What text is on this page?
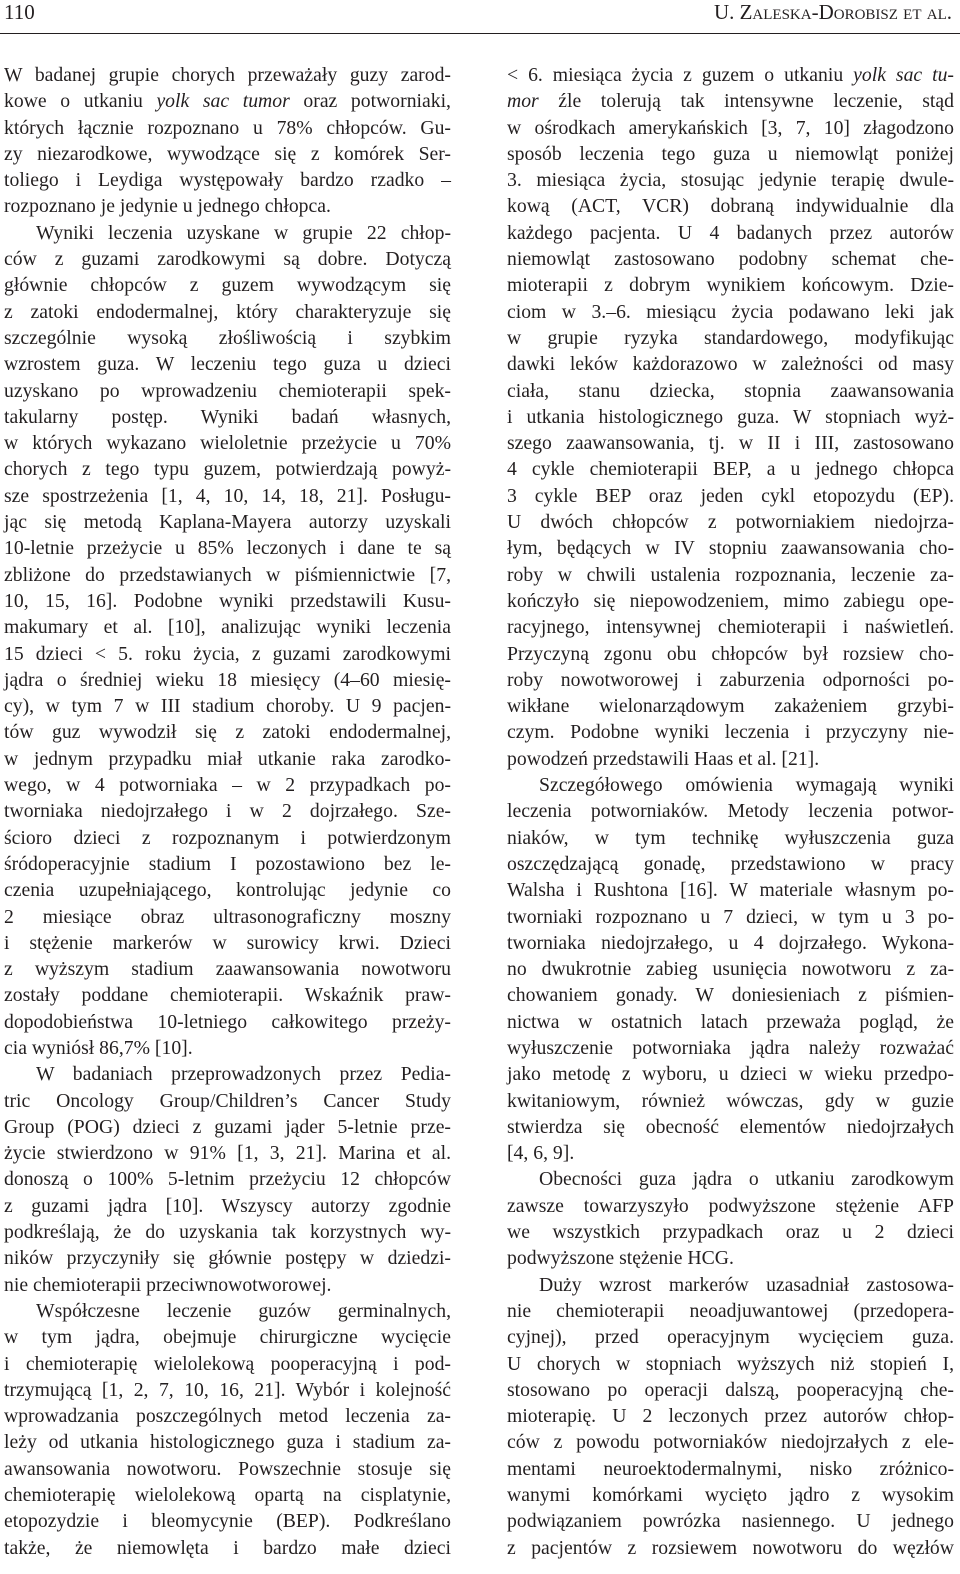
110	U. Zaleska-Dorobisz et al.

W badanej grupie chorych przeważały guzy zarod-
kowe o utkaniu yolk sac tumor oraz potworniaki,
których łącznie rozpoznano u 78% chłopców. Gu-
zy niezarodkowe, wywodzące się z komórek Ser-
toliego i Leydiga występowały bardzo rzadko –
rozpoznano je jedynie u jednego chłopca.

Wyniki leczenia uzyskane w grupie 22 chłop-
ców z guzami zarodkowymi są dobre. Dotyczą
głównie chłopców z guzem wywodzącym się
z zatoki endodermalnej, który charakteryzuje się
szczególnie wysoką złośliwością i szybkim
wzrostem guza. W leczeniu tego guza u dzieci
uzyskano po wprowadzeniu chemioterapii spek-
takularny postęp. Wyniki badań własnych,
w których wykazano wieloletnie przeżycie u 70%
chorych z tego typu guzem, potwierdzają powyż-
sze spostrzeżenia [1, 4, 10, 14, 18, 21]. Posługu-
jąc się metodą Kaplana-Mayera autorzy uzyskali
10-letnie przeżycie u 85% leczonych i dane te są
zbliżone do przedstawianych w piśmiennictwie [7,
10, 15, 16]. Podobne wyniki przedstawili Kusu-
makumary et al. [10], analizując wyniki leczenia
15 dzieci < 5. roku życia, z guzami zarodkowymi
jądra o średniej wieku 18 miesięcy (4–60 miesię-
cy), w tym 7 w III stadium choroby. U 9 pacjen-
tów guz wywodził się z zatoki endodermalnej,
w jednym przypadku miał utkanie raka zarodko-
wego, w 4 potworniaka – w 2 przypadkach po-
tworniaka niedojrzałego i w 2 dojrzałego. Sze-
ścioro dzieci z rozpoznanym i potwierdzonym
śródoperacyjnie stadium I pozostawiono bez le-
czenia uzupełniającego, kontrolując jedynie co
2 miesiące obraz ultrasonograficzny moszny
i stężenie markerów w surowicy krwi. Dzieci
z wyższym stadium zaawansowania nowotworu
zostały poddane chemioterapii. Wskaźnik praw-
dopodobieństwa 10-letniego całkowitego przeży-
cia wyniósł 86,7% [10].

W badaniach przeprowadzonych przez Pedia-
tric Oncology Group/Children’s Cancer Study
Group (POG) dzieci z guzami jąder 5-letnie prze-
życie stwierdzono w 91% [1, 3, 21]. Marina et al.
donoszą o 100% 5-letnim przeżyciu 12 chłopców
z guzami jądra [10]. Wszyscy autorzy zgodnie
podkreślają, że do uzyskania tak korzystnych wy-
ników przyczyniły się głównie postępy w dziedzi-
nie chemioterapii przeciwnowotworowej.

Współczesne leczenie guzów germinalnych,
w tym jądra, obejmuje chirurgiczne wycięcie
i chemioterapię wielolekową pooperacyjną i pod-
trzymującą [1, 2, 7, 10, 16, 21]. Wybór i kolejność
wprowadzania poszczególnych metod leczenia za-
leży od utkania histologicznego guza i stadium za-
awansowania nowotworu. Powszechnie stosuje się
chemioterapię wielolekową opartą na cisplatynie,
etopozydzie i bleomycynie (BEP). Podkreślano
także, że niemowlęta i bardzo małe dzieci

< 6. miesiąca życia z guzem o utkaniu yolk sac tu-
mor źle tolerują tak intensywne leczenie, stąd
w ośrodkach amerykańskich [3, 7, 10] złagodzono
sposób leczenia tego guza u niemowląt poniżej
3. miesiąca życia, stosując jedynie terapię dwule-
kową (ACT, VCR) dobraną indywidualnie dla
każdego pacjenta. U 4 badanych przez autorów
niemowląt zastosowano podobny schemat che-
mioterapii z dobrym wynikiem końcowym. Dzie-
ciom w 3.–6. miesiącu życia podawano leki jak
w grupie ryzyka standardowego, modyfikując
dawki leków każdorazowo w zależności od masy
ciała, stanu dziecka, stopnia zaawansowania
i utkania histologicznego guza. W stopniach wyż-
szego zaawansowania, tj. w II i III, zastosowano
4 cykle chemioterapii BEP, a u jednego chłopca
3 cykle BEP oraz jeden cykl etopozydu (EP).
U dwóch chłopców z potworniakiem niedojrza-
łym, będących w IV stopniu zaawansowania cho-
roby w chwili ustalenia rozpoznania, leczenie za-
kończyło się niepowodzeniem, mimo zabiegu ope-
racyjnego, intensywnej chemioterapii i naświetleń.
Przyczyną zgonu obu chłopców był rozsiew cho-
roby nowotworowej i zaburzenia odporności po-
wikłane wielonarządowym zakażeniem grzybi-
czym. Podobne wyniki leczenia i przyczyny nie-
powodzeń przedstawili Haas et al. [21].

Szczegółowego omówienia wymagają wyniki
leczenia potworniaków. Metody leczenia potwor-
niaków, w tym technikę wyłuszczenia guza
oszczędzającą gonadę, przedstawiono w pracy
Walsha i Rushtona [16]. W materiale własnym po-
tworniaki rozpoznano u 7 dzieci, w tym u 3 po-
tworniaka niedojrzałego, u 4 dojrzałego. Wykona-
no dwukrotnie zabieg usunięcia nowotworu z za-
chowaniem gonady. W doniesieniach z piśmien-
nictwa w ostatnich latach przeważa pogląd, że
wyłuszczenie potworniaka jądra należy rozważać
jako metodę z wyboru, u dzieci w wieku przedpo-
kwitaniowym, również wówczas, gdy w guzie
stwierdza się obecność elementów niedojrzałych
[4, 6, 9].

Obecności guza jądra o utkaniu zarodkowym
zawsze towarzyszyło podwyższone stężenie AFP
we wszystkich przypadkach oraz u 2 dzieci
podwyższone stężenie HCG.

Duży wzrost markerów uzasadniał zastosowa-
nie chemioterapii neoadjuwantowej (przedopera-
cyjnej), przed operacyjnym wycięciem guza.
U chorych w stopniach wyższych niż stopień I,
stosowano po operacji dalszą, pooperacyjną che-
mioterapię. U 2 leczonych przez autorów chłop-
ców z powodu potworniaków niedojrzałych z ele-
mentami neuroektodermalnymi, nisko zróżnico-
wanymi komórkami wycięto jądro z wysokim
podwiązaniem powrózka nasiennego. U jednego
z pacjentów z rozsiewem nowotworu do węzłów
